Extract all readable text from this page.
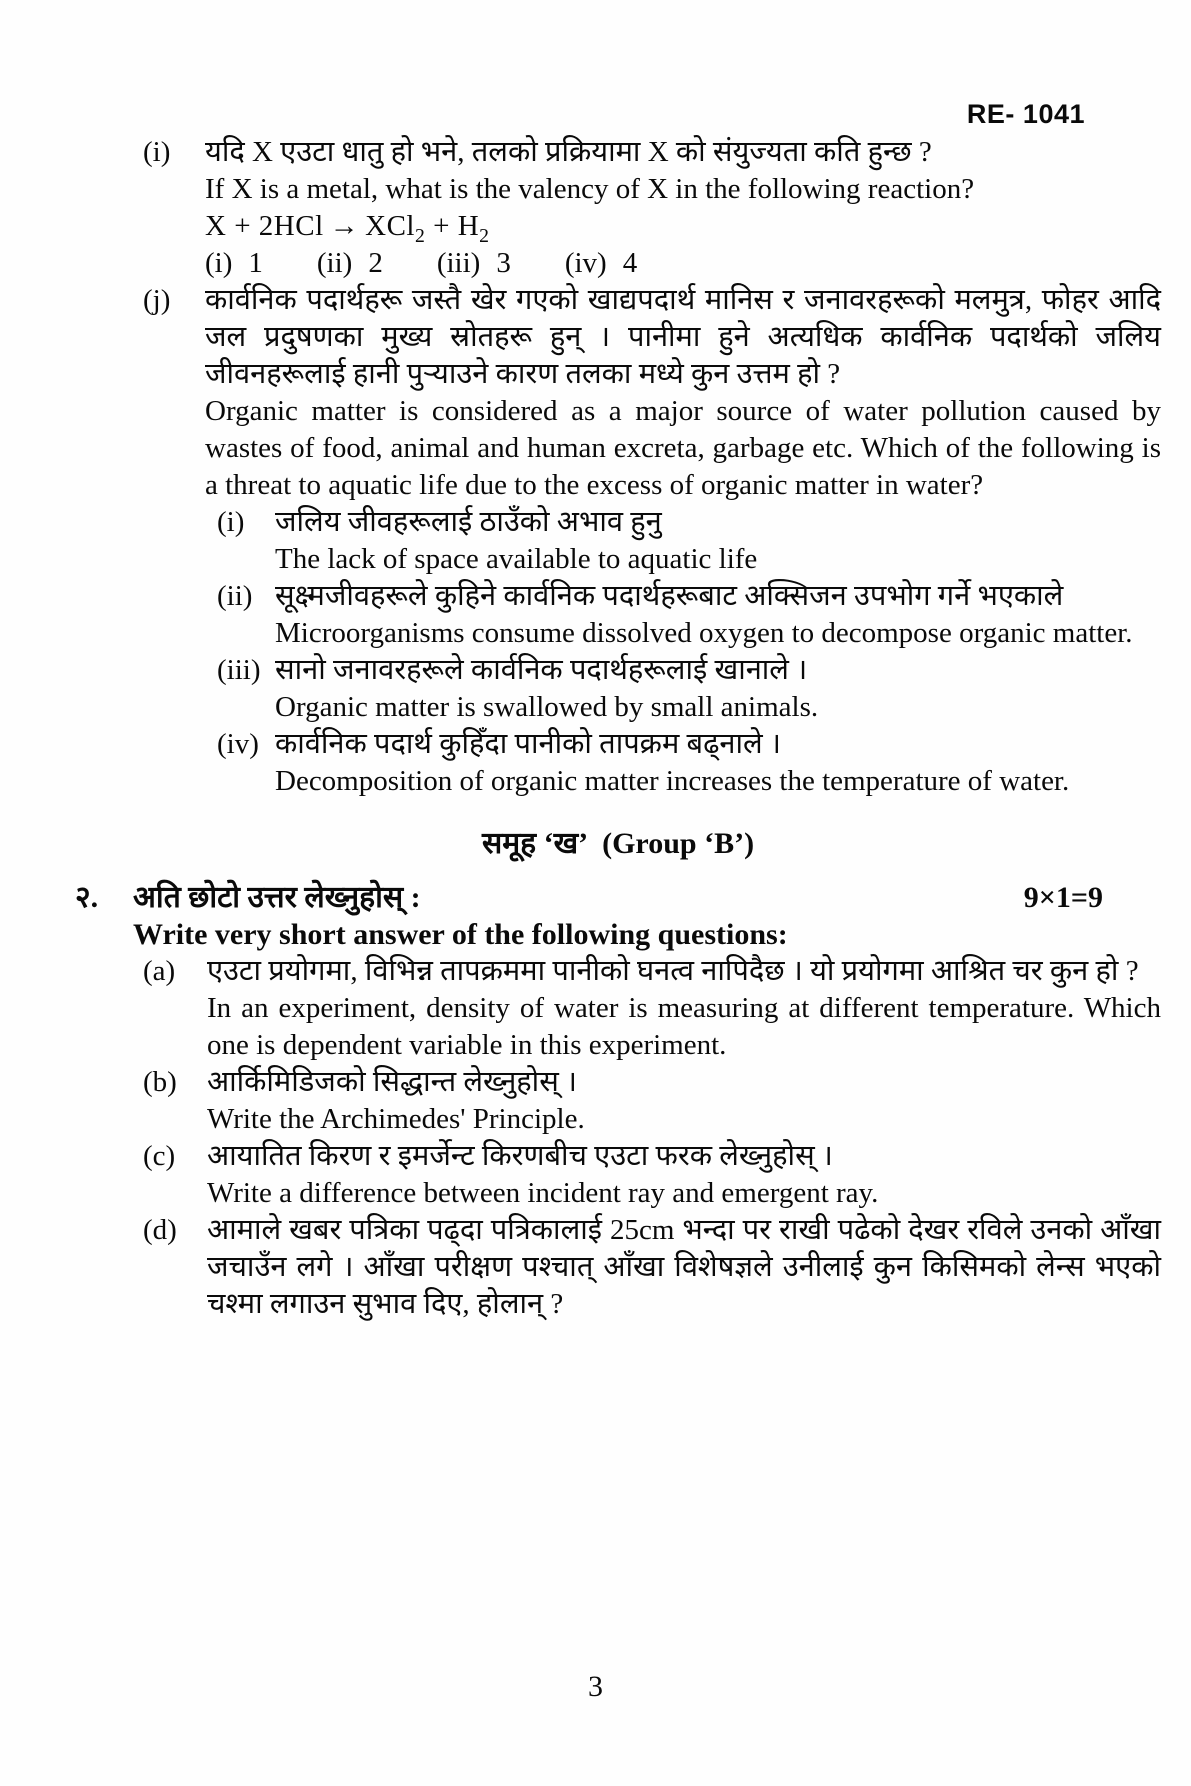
RE- 1041
(i)	यदि X एउटा धातु हो भने, तलको प्रक्रियामा X को संयुज्यता कति हुन्छ ?

If X is a metal, what is the valency of X in the following reaction?

$X + 2HCl \to XCl_2 + H_2$

(i) 1 (ii) 2 (iii) 3 (iv) 4
(j)	कार्वनिक पदार्थहरू जस्तै खेर गएको खाद्यपदार्थ मानिस र जनावरहरूको मलमुत्र, फोहर आदि जल प्रदुषणका मुख्य स्रोतहरू हुन् । पानीमा हुने अत्यधिक कार्वनिक पदार्थको जलिय जीवनहरूलाई हानी पुऱ्याउने कारण तलका मध्ये कुन उत्तम हो ?

Organic matter is considered as a major source of water pollution caused by wastes of food, animal and human excreta, garbage etc. Which of the following is a threat to aquatic life due to the excess of organic matter in water?

(i)	जलिय जीवहरूलाई ठाउँको अभाव हुनु

The lack of space available to aquatic life

(ii) सूक्ष्मजीवहरूले कुहिने कार्वनिक पदार्थहरूबाट अक्सिजन उपभोग गर्ने भएकाले

Microorganisms consume dissolved oxygen to decompose organic matter.

(iii) सानो जनावरहरूले कार्वनिक पदार्थहरूलाई खानाले ।

Organic matter is swallowed by small animals.

(iv) कार्वनिक पदार्थ कुहिँदा पानीको तापक्रम बढ्नाले ।

Decomposition of organic matter increases the temperature of water.

समूह ‘ख’ (Group ‘B’)
२.	अति छोटो उत्तर लेख्नुहोस् :	9×1=9

Write very short answer of the following questions:

(a)	एउटा प्रयोगमा, विभिन्न तापक्रममा पानीको घनत्व नापिदैछ । यो प्रयोगमा आश्रित चर कुन हो ?

In an experiment, density of water is measuring at different temperature. Which one is dependent variable in this experiment.

(b)	आर्किमिडिजको सिद्धान्त लेख्नुहोस् ।

Write the Archimedes' Principle.

(c)	आयातित किरण र इमर्जेन्ट किरणबीच एउटा फरक लेख्नुहोस् ।

Write a difference between incident ray and emergent ray.

(d)	आमाले खबर पत्रिका पढ्दा पत्रिकालाई 25cm भन्दा पर राखी पढेको देखर रविले उनको आँखा जचाउँन लगे । आँखा परीक्षण पश्चात् आँखा विशेषज्ञले उनीलाई कुन किसिमको लेन्स भएको चश्मा लगाउन सुभाव दिए, होलान् ?

3
